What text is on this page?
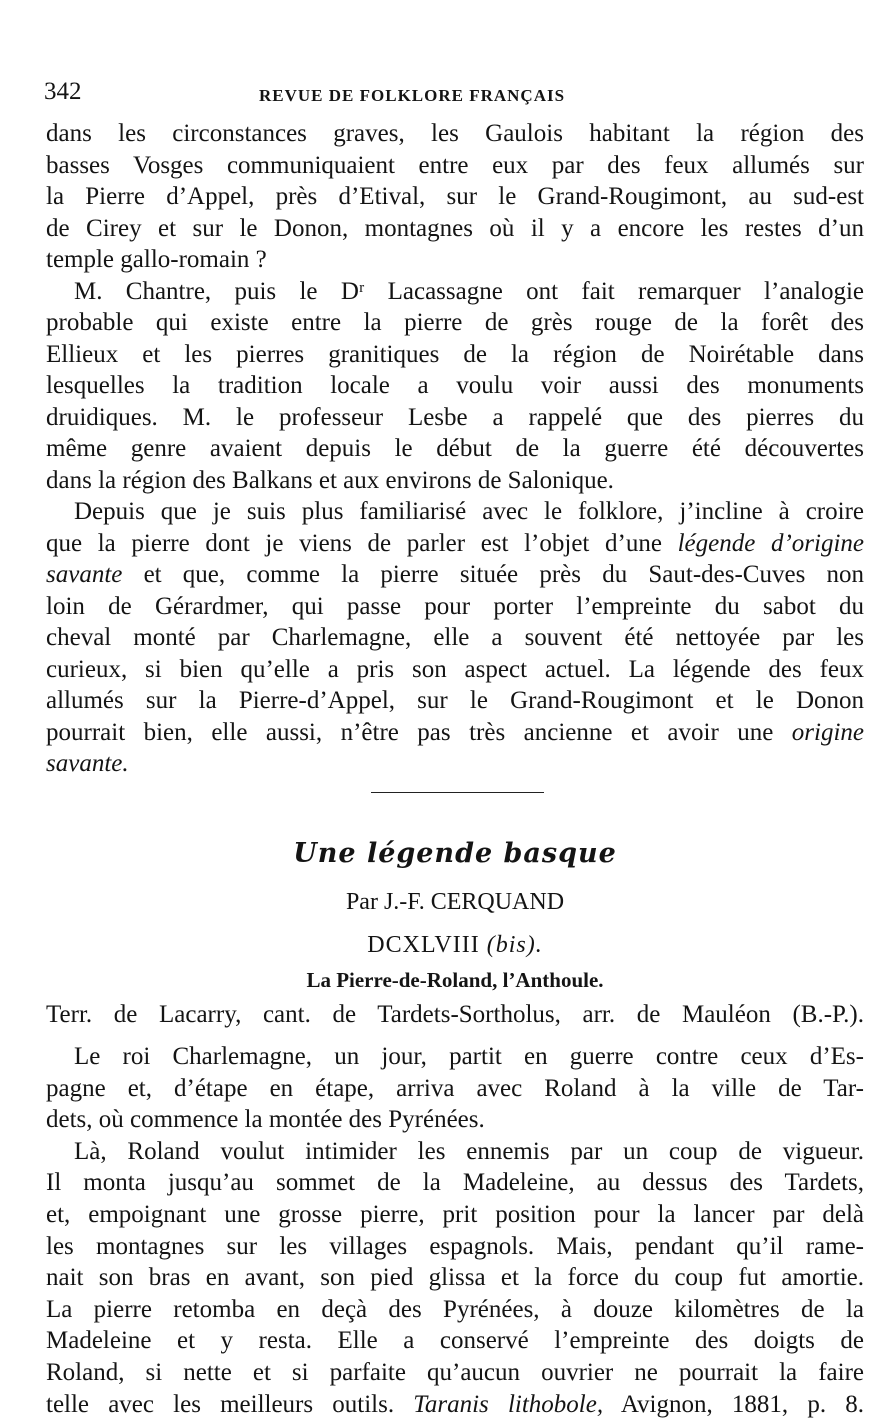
342	REVUE DE FOLKLORE FRANÇAIS
dans les circonstances graves, les Gaulois habitant la région des
basses Vosges communiquaient entre eux par des feux allumés sur
la Pierre d’Appel, près d’Etival, sur le Grand-Rougimont, au sud-est
de Cirey et sur le Donon, montagnes où il y a encore les restes d’un
temple gallo-romain ?
M. Chantre, puis le Dʳ Lacassagne ont fait remarquer l’analogie
probable qui existe entre la pierre de grès rouge de la forêt des
Ellieux et les pierres granitiques de la région de Noirétable dans
lesquelles la tradition locale a voulu voir aussi des monuments
druidiques. M. le professeur Lesbe a rappelé que des pierres du
même genre avaient depuis le début de la guerre été découvertes
dans la région des Balkans et aux environs de Salonique.
Depuis que je suis plus familiarisé avec le folklore, j’incline à croire
que la pierre dont je viens de parler est l’objet d’une légende d’origine
savante et que, comme la pierre située près du Saut-des-Cuves non
loin de Gérardmer, qui passe pour porter l’empreinte du sabot du
cheval monté par Charlemagne, elle a souvent été nettoyée par les
curieux, si bien qu’elle a pris son aspect actuel. La légende des feux
allumés sur la Pierre-d’Appel, sur le Grand-Rougimont et le Donon
pourrait bien, elle aussi, n’être pas très ancienne et avoir une origine
savante.
Une légende basque
Par J.-F. CERQUAND
DCXLVIII (bis).
La Pierre-de-Roland, l’Anthoule.
Terr. de Lacarry, cant. de Tardets-Sortholus, arr. de Mauléon (B.-P.).
Le roi Charlemagne, un jour, partit en guerre contre ceux d’Es-
pagne et, d’étape en étape, arriva avec Roland à la ville de Tar-
dets, où commence la montée des Pyrénées.
Là, Roland voulut intimider les ennemis par un coup de vigueur.
Il monta jusqu’au sommet de la Madeleine, au dessus des Tardets,
et, empoignant une grosse pierre, prit position pour la lancer par delà
les montagnes sur les villages espagnols. Mais, pendant qu’il rame-
nait son bras en avant, son pied glissa et la force du coup fut amortie.
La pierre retomba en deçà des Pyrénées, à douze kilomètres de la
Madeleine et y resta. Elle a conservé l’empreinte des doigts de
Roland, si nette et si parfaite qu’aucun ouvrier ne pourrait la faire
telle avec les meilleurs outils. Taranis lithobole, Avignon, 1881, p. 8.
